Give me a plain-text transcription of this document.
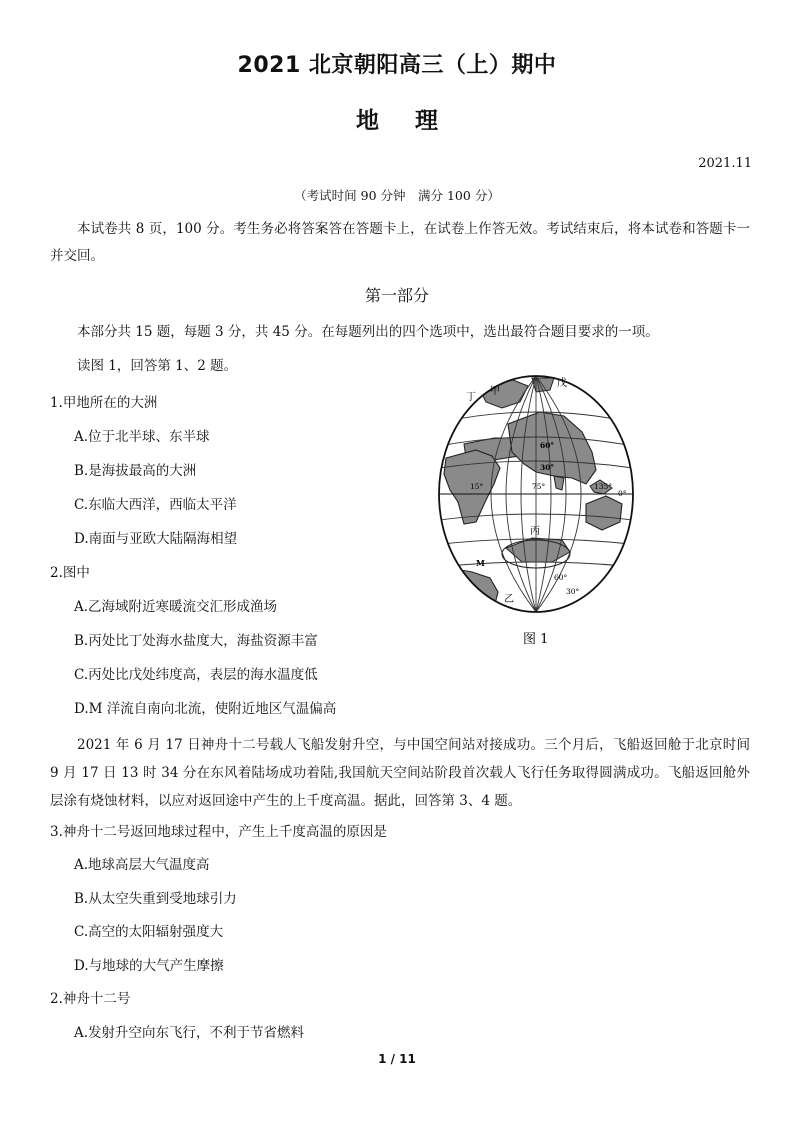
2021 北京朝阳高三（上）期中
地 理
2021.11
（考试时间 90 分钟　满分 100 分）

本试卷共 8 页，100 分。考生务必将答案答在答题卡上，在试卷上作答无效。考试结束后，将本试卷和答题卡一并交回。

第一部分

本部分共 15 题，每题 3 分，共 45 分。在每题列出的四个选项中，选出最符合题目要求的一项。

读图 1，回答第 1、2 题。

1.甲地所在的大洲
A.位于北半球、东半球
B.是海拔最高的大洲
C.东临大西洋，西临太平洋
D.南面与亚欧大陆隔海相望
2.图中
A.乙海域附近寒暖流交汇形成渔场
B.丙处比丁处海水盐度大，海盐资源丰富
C.丙处比戊处纬度高，表层的海水温度低
D.M 洋流自南向北流，使附近地区气温偏高
戊
甲
丁
60°
30°
15°	75°	135°
0°
丙
M
60°
30°
乙
图 1

2021 年 6 月 17 日神舟十二号载人飞船发射升空，与中国空间站对接成功。三个月后，飞船返回舱于北京时间 9 月 17 日 13 时 34 分在东风着陆场成功着陆,我国航天空间站阶段首次载人飞行任务取得圆满成功。飞船返回舱外层涂有烧蚀材料，以应对返回途中产生的上千度高温。据此，回答第 3、4 题。

3.神舟十二号返回地球过程中，产生上千度高温的原因是
A.地球高层大气温度高
B.从太空失重到受地球引力
C.高空的太阳辐射强度大
D.与地球的大气产生摩擦
2.神舟十二号
A.发射升空向东飞行，不利于节省燃料
1 / 11
